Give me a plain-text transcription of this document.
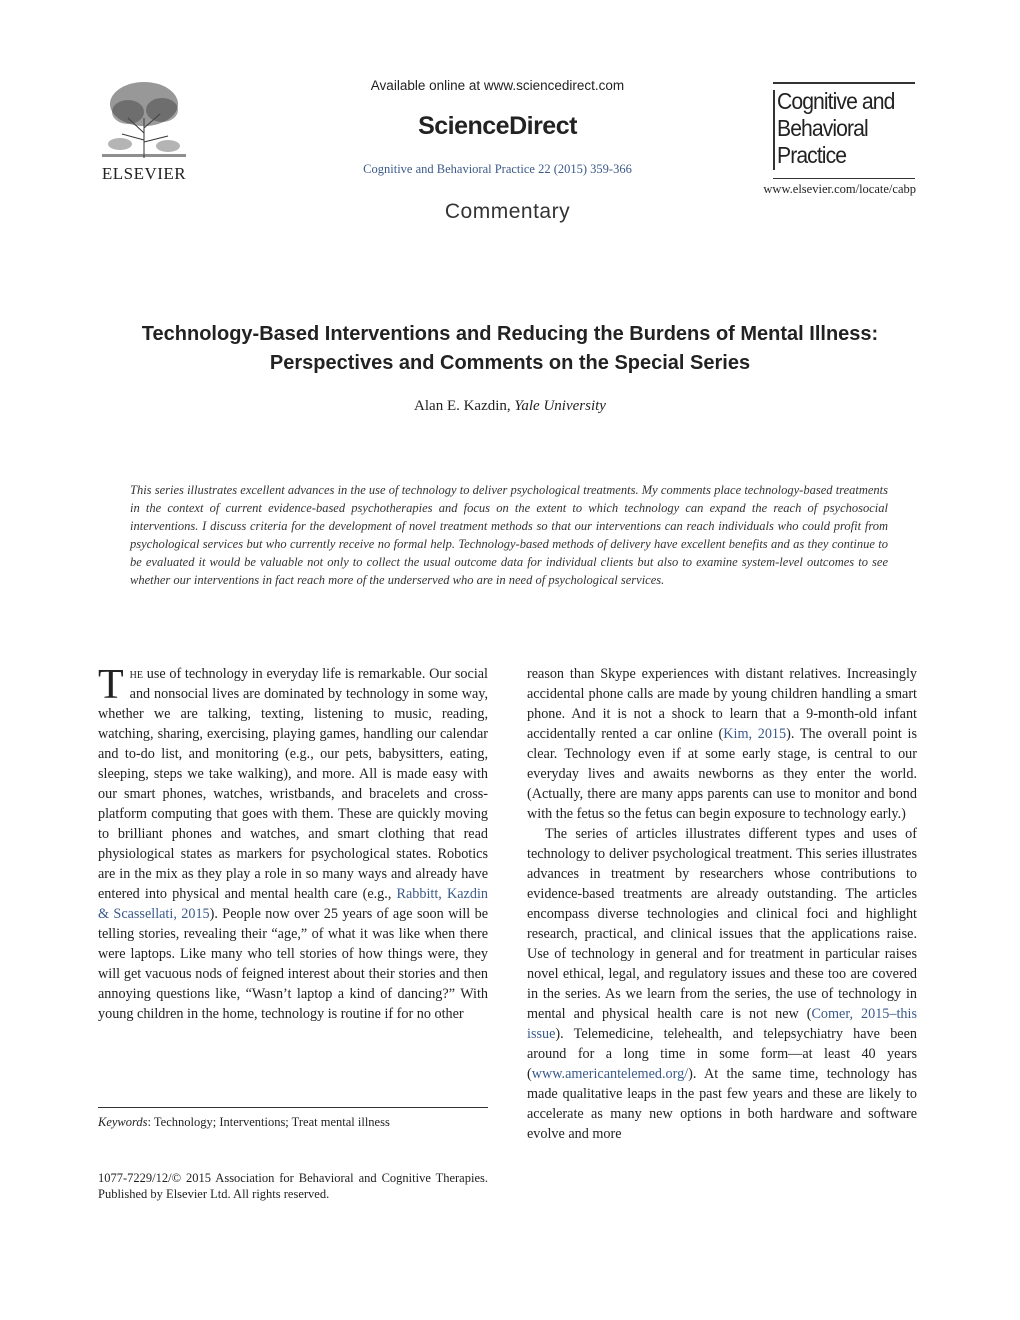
ELSEVIER
Available online at www.sciencedirect.com
ScienceDirect
Cognitive and Behavioral Practice 22 (2015) 359-366
Commentary
Cognitive and
Behavioral
Practice
www.elsevier.com/locate/cabp
Technology-Based Interventions and Reducing the Burdens of Mental Illness:
Perspectives and Comments on the Special Series
Alan E. Kazdin, Yale University
This series illustrates excellent advances in the use of technology to deliver psychological treatments. My comments place technology-based treatments in the context of current evidence-based psychotherapies and focus on the extent to which technology can expand the reach of psychosocial interventions. I discuss criteria for the development of novel treatment methods so that our interventions can reach individuals who could profit from psychological services but who currently receive no formal help. Technology-based methods of delivery have excellent benefits and as they continue to be evaluated it would be valuable not only to collect the usual outcome data for individual clients but also to examine system-level outcomes to see whether our interventions in fact reach more of the underserved who are in need of psychological services.

The use of technology in everyday life is remarkable. Our social and nonsocial lives are dominated by technology in some way, whether we are talking, texting, listening to music, reading, watching, sharing, exercising, playing games, handling our calendar and to-do list, and monitoring (e.g., our pets, babysitters, eating, sleeping, steps we take walking), and more. All is made easy with our smart phones, watches, wristbands, and bracelets and cross-platform computing that goes with them. These are quickly moving to brilliant phones and watches, and smart clothing that read physiological states as markers for psychological states. Robotics are in the mix as they play a role in so many ways and already have entered into physical and mental health care (e.g., Rabbitt, Kazdin & Scassellati, 2015). People now over 25 years of age soon will be telling stories, revealing their “age,” of what it was like when there were laptops. Like many who tell stories of how things were, they will get vacuous nods of feigned interest about their stories and then annoying questions like, “Wasn’t laptop a kind of dancing?” With young children in the home, technology is routine if for no other

reason than Skype experiences with distant relatives. Increasingly accidental phone calls are made by young children handling a smart phone. And it is not a shock to learn that a 9-month-old infant accidentally rented a car online (Kim, 2015). The overall point is clear. Technology even if at some early stage, is central to our everyday lives and awaits newborns as they enter the world. (Actually, there are many apps parents can use to monitor and bond with the fetus so the fetus can begin exposure to technology early.)

The series of articles illustrates different types and uses of technology to deliver psychological treatment. This series illustrates advances in treatment by researchers whose contributions to evidence-based treatments are already outstanding. The articles encompass diverse technologies and clinical foci and highlight research, practical, and clinical issues that the applications raise. Use of technology in general and for treatment in particular raises novel ethical, legal, and regulatory issues and these too are covered in the series. As we learn from the series, the use of technology in mental and physical health care is not new (Comer, 2015–this issue). Telemedicine, telehealth, and telepsychiatry have been around for a long time in some form—at least 40 years (www.americantelemed.org/). At the same time, technology has made qualitative leaps in the past few years and these are likely to accelerate as many new options in both hardware and software evolve and more

Keywords: Technology; Interventions; Treat mental illness
1077-7229/12/© 2015 Association for Behavioral and Cognitive Therapies. Published by Elsevier Ltd. All rights reserved.
